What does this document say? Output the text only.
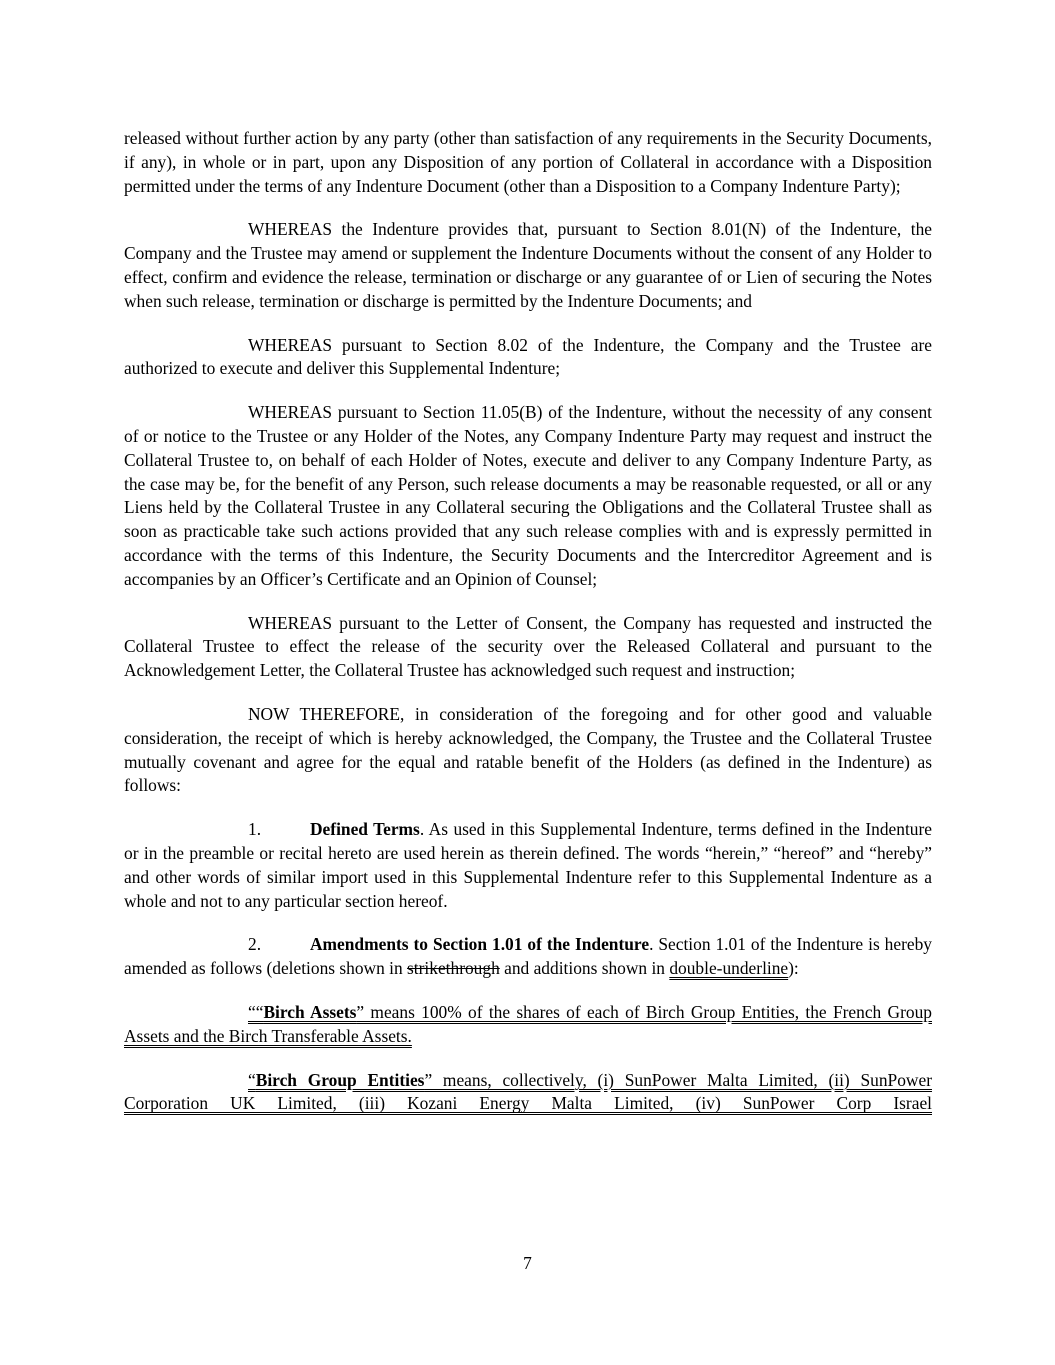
released without further action by any party (other than satisfaction of any requirements in the Security Documents, if any), in whole or in part, upon any Disposition of any portion of Collateral in accordance with a Disposition permitted under the terms of any Indenture Document (other than a Disposition to a Company Indenture Party);

WHEREAS the Indenture provides that, pursuant to Section 8.01(N) of the Indenture, the Company and the Trustee may amend or supplement the Indenture Documents without the consent of any Holder to effect, confirm and evidence the release, termination or discharge or any guarantee of or Lien of securing the Notes when such release, termination or discharge is permitted by the Indenture Documents; and

WHEREAS pursuant to Section 8.02 of the Indenture, the Company and the Trustee are authorized to execute and deliver this Supplemental Indenture;

WHEREAS pursuant to Section 11.05(B) of the Indenture, without the necessity of any consent of or notice to the Trustee or any Holder of the Notes, any Company Indenture Party may request and instruct the Collateral Trustee to, on behalf of each Holder of Notes, execute and deliver to any Company Indenture Party, as the case may be, for the benefit of any Person, such release documents a may be reasonable requested, or all or any Liens held by the Collateral Trustee in any Collateral securing the Obligations and the Collateral Trustee shall as soon as practicable take such actions provided that any such release complies with and is expressly permitted in accordance with the terms of this Indenture, the Security Documents and the Intercreditor Agreement and is accompanies by an Officer’s Certificate and an Opinion of Counsel;

WHEREAS pursuant to the Letter of Consent, the Company has requested and instructed the Collateral Trustee to effect the release of the security over the Released Collateral and pursuant to the Acknowledgement Letter, the Collateral Trustee has acknowledged such request and instruction;

NOW THEREFORE, in consideration of the foregoing and for other good and valuable consideration, the receipt of which is hereby acknowledged, the Company, the Trustee and the Collateral Trustee mutually covenant and agree for the equal and ratable benefit of the Holders (as defined in the Indenture) as follows:

1.	Defined Terms. As used in this Supplemental Indenture, terms defined in the Indenture or in the preamble or recital hereto are used herein as therein defined. The words “herein,” “hereof” and “hereby” and other words of similar import used in this Supplemental Indenture refer to this Supplemental Indenture as a whole and not to any particular section hereof.

2.	Amendments to Section 1.01 of the Indenture. Section 1.01 of the Indenture is hereby amended as follows (deletions shown in strikethrough and additions shown in double-underline):

““Birch Assets” means 100% of the shares of each of Birch Group Entities, the French Group Assets and the Birch Transferable Assets.

“Birch Group Entities” means, collectively, (i) SunPower Malta Limited, (ii) SunPower Corporation UK Limited, (iii) Kozani Energy Malta Limited, (iv) SunPower Corp Israel

7
